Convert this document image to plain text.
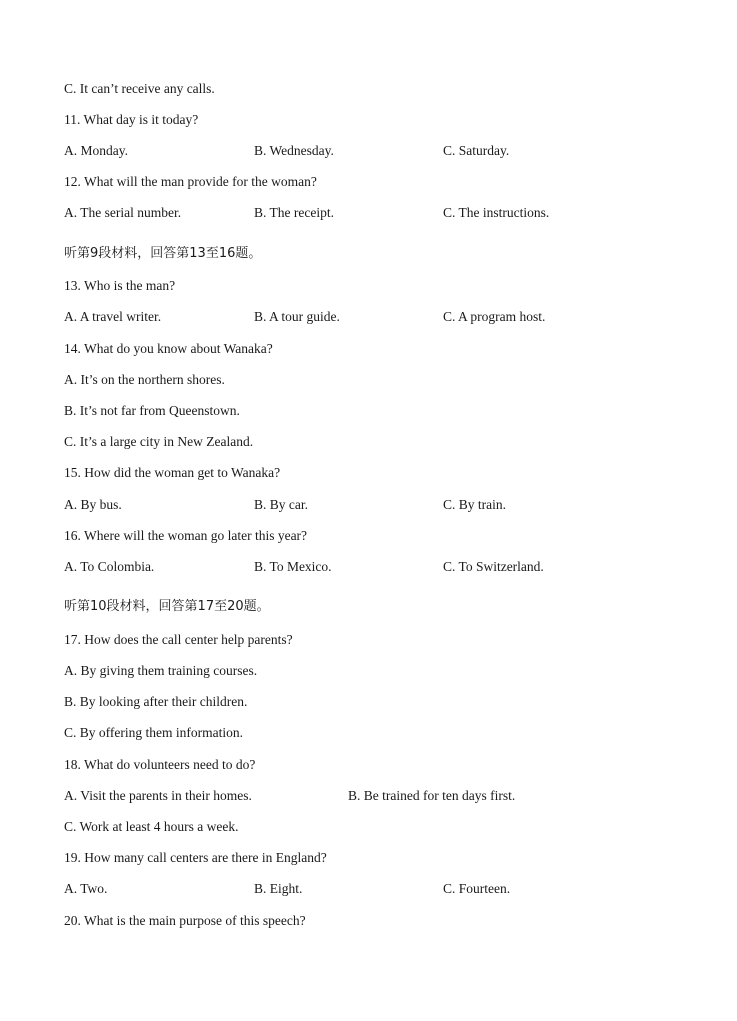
C. It can’t receive any calls.
11. What day is it today?
A. Monday.	B. Wednesday.	C. Saturday.
12. What will the man provide for the woman?
A. The serial number.	B. The receipt.	C. The instructions.
听第9段材料，回答第13至16题。
13. Who is the man?
A. A travel writer.	B. A tour guide.	C. A program host.
14. What do you know about Wanaka?
A. It’s on the northern shores.
B. It’s not far from Queenstown.
C. It’s a large city in New Zealand.
15. How did the woman get to Wanaka?
A. By bus.	B. By car.	C. By train.
16. Where will the woman go later this year?
A. To Colombia.	B. To Mexico.	C. To Switzerland.
听第10段材料，回答第17至20题。
17. How does the call center help parents?
A. By giving them training courses.
B. By looking after their children.
C. By offering them information.
18. What do volunteers need to do?
A. Visit the parents in their homes.	B. Be trained for ten days first.
C. Work at least 4 hours a week.
19. How many call centers are there in England?
A. Two.	B. Eight.	C. Fourteen.
20. What is the main purpose of this speech?
